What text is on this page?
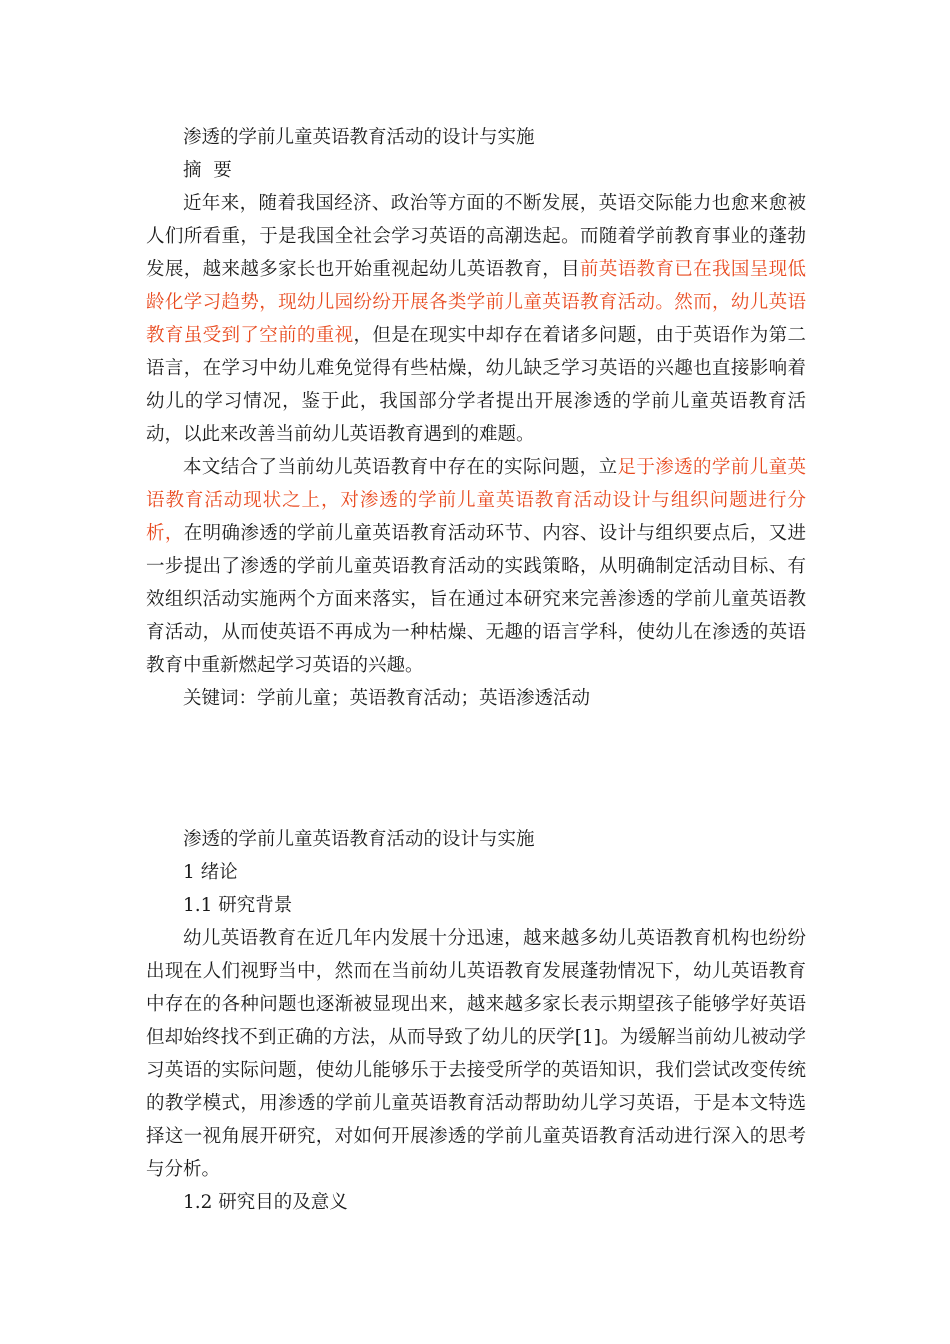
渗透的学前儿童英语教育活动的设计与实施
摘  要

近年来，随着我国经济、政治等方面的不断发展，英语交际能力也愈来愈被人们所看重，于是我国全社会学习英语的高潮迭起。而随着学前教育事业的蓬勃发展，越来越多家长也开始重视起幼儿英语教育，目前英语教育已在我国呈现低龄化学习趋势，现幼儿园纷纷开展各类学前儿童英语教育活动。然而，幼儿英语教育虽受到了空前的重视，但是在现实中却存在着诸多问题，由于英语作为第二语言，在学习中幼儿难免觉得有些枯燥，幼儿缺乏学习英语的兴趣也直接影响着幼儿的学习情况，鉴于此，我国部分学者提出开展渗透的学前儿童英语教育活动，以此来改善当前幼儿英语教育遇到的难题。

本文结合了当前幼儿英语教育中存在的实际问题，立足于渗透的学前儿童英语教育活动现状之上，对渗透的学前儿童英语教育活动设计与组织问题进行分析，在明确渗透的学前儿童英语教育活动环节、内容、设计与组织要点后，又进一步提出了渗透的学前儿童英语教育活动的实践策略，从明确制定活动目标、有效组织活动实施两个方面来落实，旨在通过本研究来完善渗透的学前儿童英语教育活动，从而使英语不再成为一种枯燥、无趣的语言学科，使幼儿在渗透的英语教育中重新燃起学习英语的兴趣。

关键词：学前儿童；英语教育活动；英语渗透活动
渗透的学前儿童英语教育活动的设计与实施
1 绪论
1.1 研究背景

幼儿英语教育在近几年内发展十分迅速，越来越多幼儿英语教育机构也纷纷出现在人们视野当中，然而在当前幼儿英语教育发展蓬勃情况下，幼儿英语教育中存在的各种问题也逐渐被显现出来，越来越多家长表示期望孩子能够学好英语但却始终找不到正确的方法，从而导致了幼儿的厌学[1]。为缓解当前幼儿被动学习英语的实际问题，使幼儿能够乐于去接受所学的英语知识，我们尝试改变传统的教学模式，用渗透的学前儿童英语教育活动帮助幼儿学习英语，于是本文特选择这一视角展开研究，对如何开展渗透的学前儿童英语教育活动进行深入的思考与分析。

1.2 研究目的及意义
